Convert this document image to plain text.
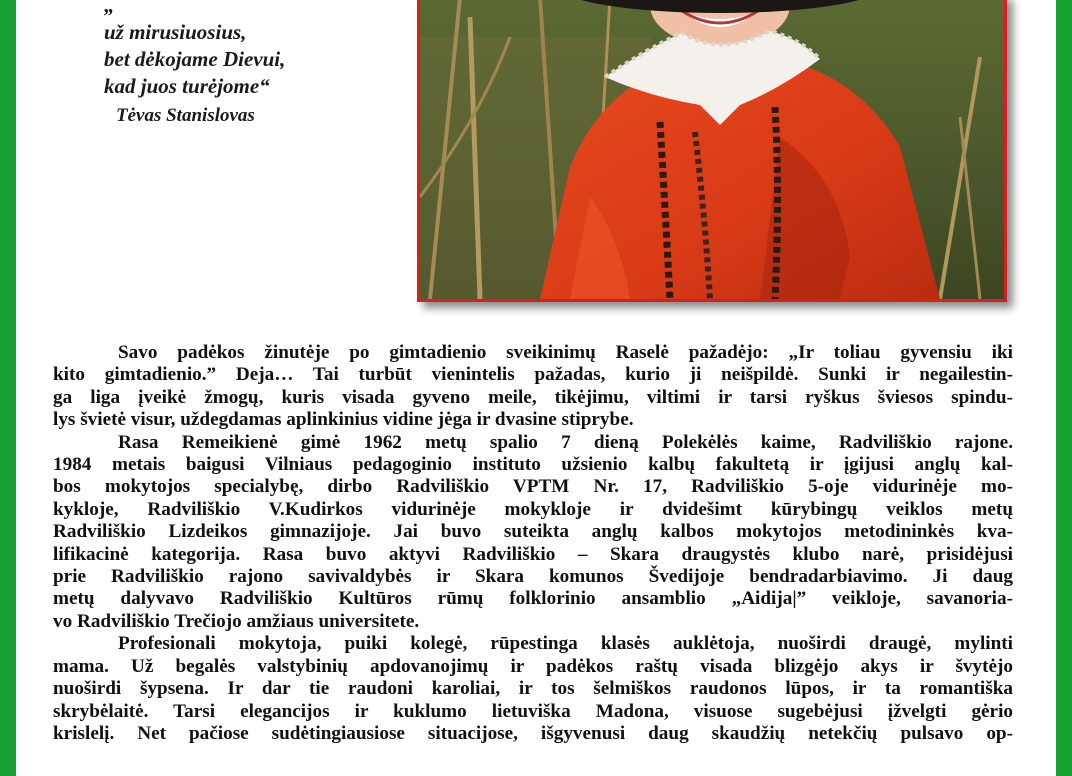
„
už mirusiuosius,
bet dėkojame Dievui,
kad juos turėjome“
Tėvas Stanislovas
Savo padėkos žinutėje po gimtadienio sveikinimų Raselė pažadėjo: „Ir toliau gyvensiu iki
kito gimtadienio.” Deja… Tai turbūt vienintelis pažadas, kurio ji neišpildė. Sunki ir negailestin-
ga liga įveikė žmogų, kuris visada gyveno meile, tikėjimu, viltimi ir tarsi ryškus šviesos spindu-
lys švietė visur, uždegdamas aplinkinius vidine jėga ir dvasine stiprybe.
Rasa Remeikienė gimė 1962 metų spalio 7 dieną Polekėlės kaime, Radviliškio rajone.
1984 metais baigusi Vilniaus pedagoginio instituto užsienio kalbų fakultetą ir įgijusi anglų kal-
bos mokytojos specialybę, dirbo Radviliškio VPTM Nr. 17, Radviliškio 5-oje vidurinėje mo-
kykloje, Radviliškio V.Kudirkos vidurinėje mokykloje ir dvidešimt kūrybingų veiklos metų
Radviliškio Lizdeikos gimnazijoje. Jai buvo suteikta anglų kalbos mokytojos metodininkės kva-
lifikacinė kategorija. Rasa buvo aktyvi Radviliškio – Skara draugystės klubo narė, prisidėjusi
prie Radviliškio rajono savivaldybės ir Skara komunos Švedijoje bendradarbiavimo. Ji daug
metų dalyvavo Radviliškio Kultūros rūmų folklorinio ansamblio „Aidija|” veikloje, savanoria-
vo Radviliškio Trečiojo amžiaus universitete.
Profesionali mokytoja, puiki kolegė, rūpestinga klasės auklėtoja, nuoširdi draugė, mylinti
mama. Už begalės valstybinių apdovanojimų ir padėkos raštų visada blizgėjo akys ir švytėjo
nuoširdi šypsena. Ir dar tie raudoni karoliai, ir tos šelmiškos raudonos lūpos, ir ta romantiška
skrybėlaitė. Tarsi elegancijos ir kuklumo lietuviška Madona, visuose sugebėjusi įžvelgti gėrio
krislelį. Net pačiose sudėtingiausiose situacijose, išgyvenusi daug skaudžių netekčių pulsavo op-
